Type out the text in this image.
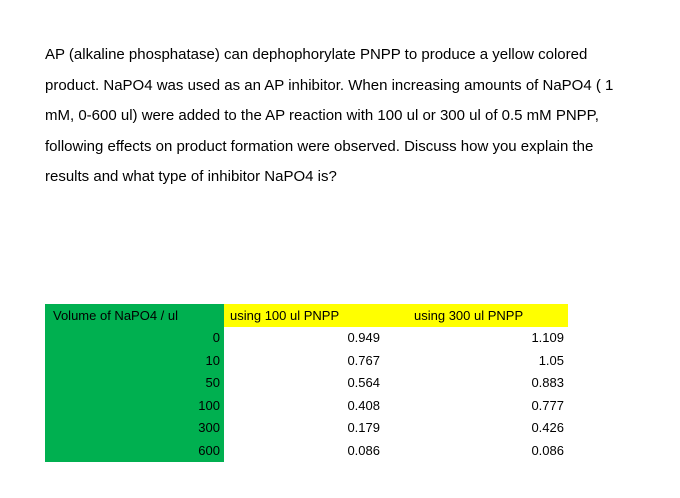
AP (alkaline phosphatase) can dephophorylate PNPP to produce a yellow colored

product. NaPO4 was used as an AP inhibitor. When increasing amounts of NaPO4 ( 1

mM, 0-600 ul) were added to the AP reaction with 100 ul or 300 ul of 0.5 mM PNPP,

following effects on product formation were observed. Discuss how you explain the

results and what type of inhibitor NaPO4 is?

Volume of NaPO4 / ul	using 100 ul PNPP	using 300 ul PNPP
0	0.949	1.109
10	0.767	1.05
50	0.564	0.883
100	0.408	0.777
300	0.179	0.426
600	0.086	0.086
